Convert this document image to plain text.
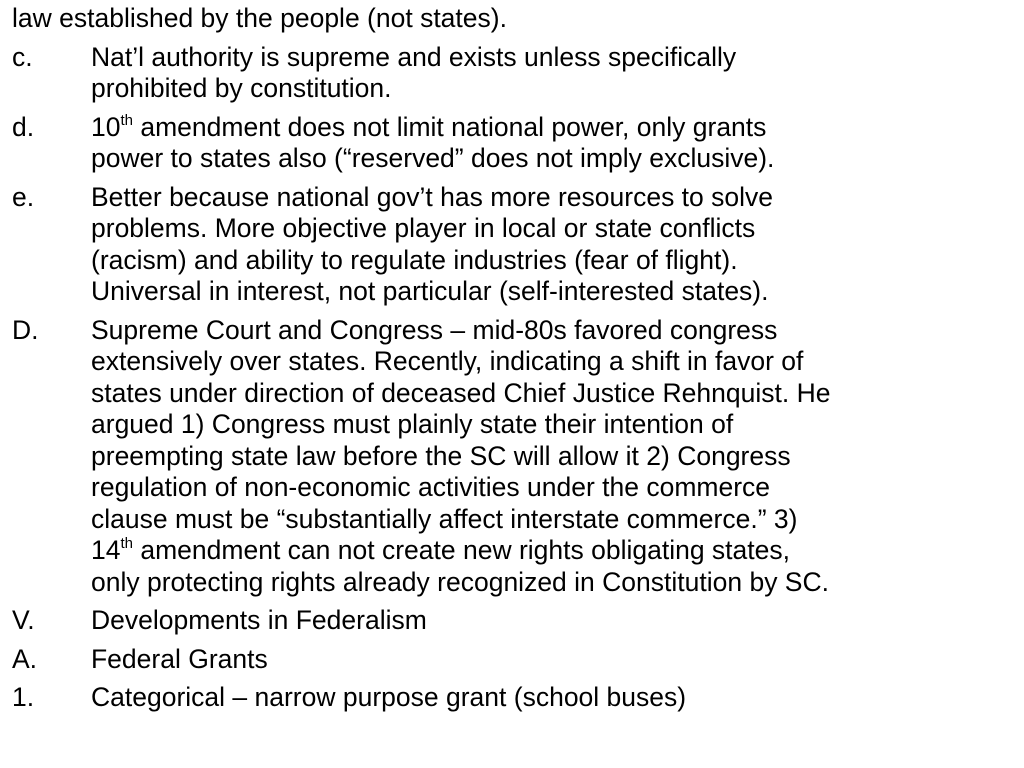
law established by the people (not states).
c.	Nat’l authority is supreme and exists unless specifically
prohibited by constitution.
d.	10th amendment does not limit national power, only grants
power to states also (“reserved” does not imply exclusive).
e.	Better because national gov’t has more resources to solve
problems. More objective player in local or state conflicts
(racism) and ability to regulate industries (fear of flight).
Universal in interest, not particular (self-interested states).
D.	Supreme Court and Congress – mid-80s favored congress
extensively over states. Recently, indicating a shift in favor of
states under direction of deceased Chief Justice Rehnquist. He
argued 1) Congress must plainly state their intention of
preempting state law before the SC will allow it 2) Congress
regulation of non-economic activities under the commerce
clause must be “substantially affect interstate commerce.” 3)
14th amendment can not create new rights obligating states,
only protecting rights already recognized in Constitution by SC.
V.	Developments in Federalism
A.	Federal Grants
1.	Categorical – narrow purpose grant (school buses)
